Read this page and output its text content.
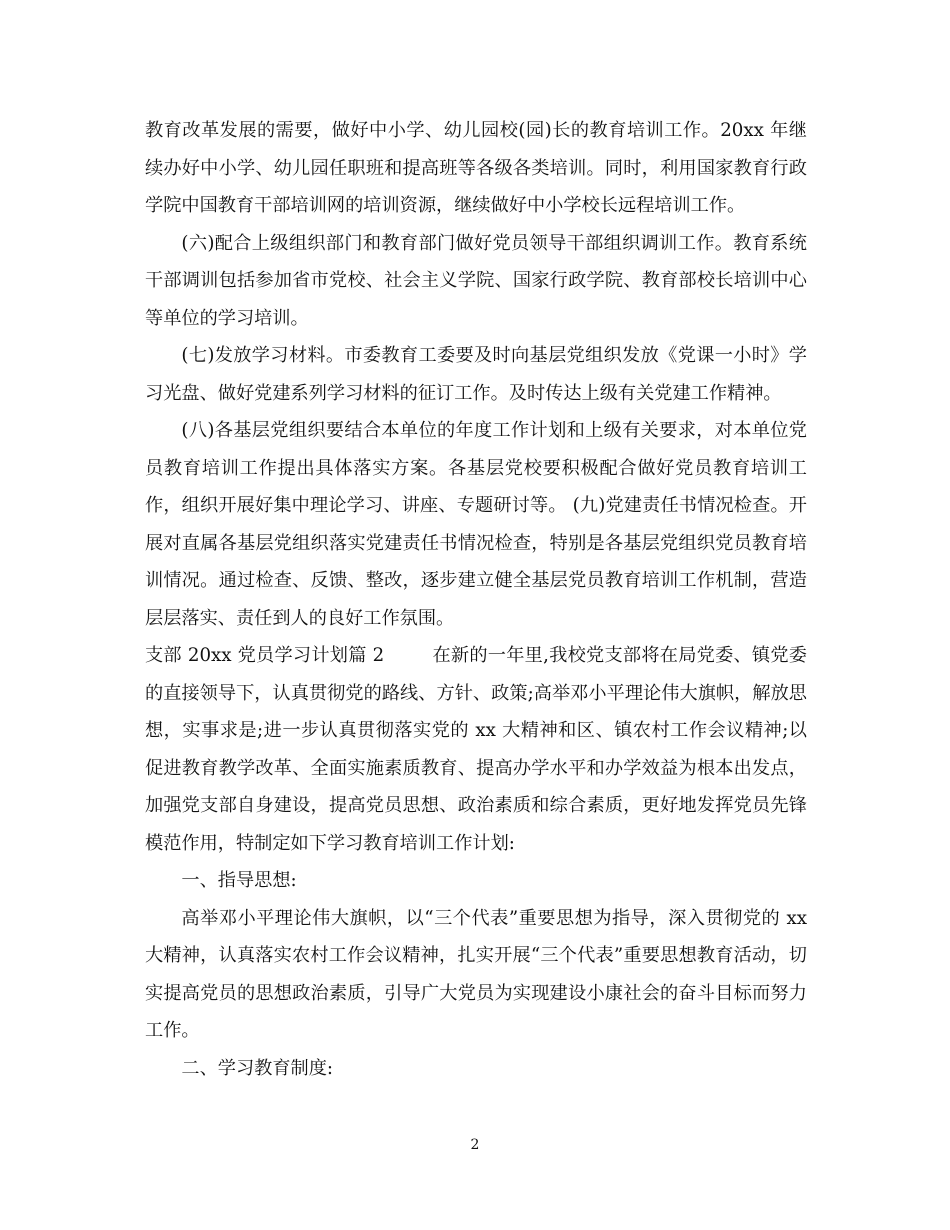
教育改革发展的需要，做好中小学、幼儿园校(园)长的教育培训工作。20xx 年继续办好中小学、幼儿园任职班和提高班等各级各类培训。同时，利用国家教育行政学院中国教育干部培训网的培训资源，继续做好中小学校长远程培训工作。

(六)配合上级组织部门和教育部门做好党员领导干部组织调训工作。教育系统干部调训包括参加省市党校、社会主义学院、国家行政学院、教育部校长培训中心等单位的学习培训。

(七)发放学习材料。市委教育工委要及时向基层党组织发放《党课一小时》学习光盘、做好党建系列学习材料的征订工作。及时传达上级有关党建工作精神。

(八)各基层党组织要结合本单位的年度工作计划和上级有关要求，对本单位党员教育培训工作提出具体落实方案。各基层党校要积极配合做好党员教育培训工作，组织开展好集中理论学习、讲座、专题研讨等。 (九)党建责任书情况检查。开展对直属各基层党组织落实党建责任书情况检查，特别是各基层党组织党员教育培训情况。通过检查、反馈、整改，逐步建立健全基层党员教育培训工作机制，营造层层落实、责任到人的良好工作氛围。

支部 20xx 党员学习计划篇 2	在新的一年里,我校党支部将在局党委、镇党委的直接领导下，认真贯彻党的路线、方针、政策;高举邓小平理论伟大旗帜，解放思想，实事求是;进一步认真贯彻落实党的 xx 大精神和区、镇农村工作会议精神;以促进教育教学改革、全面实施素质教育、提高办学水平和办学效益为根本出发点，加强党支部自身建设，提高党员思想、政治素质和综合素质，更好地发挥党员先锋模范作用，特制定如下学习教育培训工作计划:

一、指导思想:

高举邓小平理论伟大旗帜，以“三个代表”重要思想为指导，深入贯彻党的 xx 大精神，认真落实农村工作会议精神，扎实开展“三个代表”重要思想教育活动，切实提高党员的思想政治素质，引导广大党员为实现建设小康社会的奋斗目标而努力工作。

二、学习教育制度:

2
